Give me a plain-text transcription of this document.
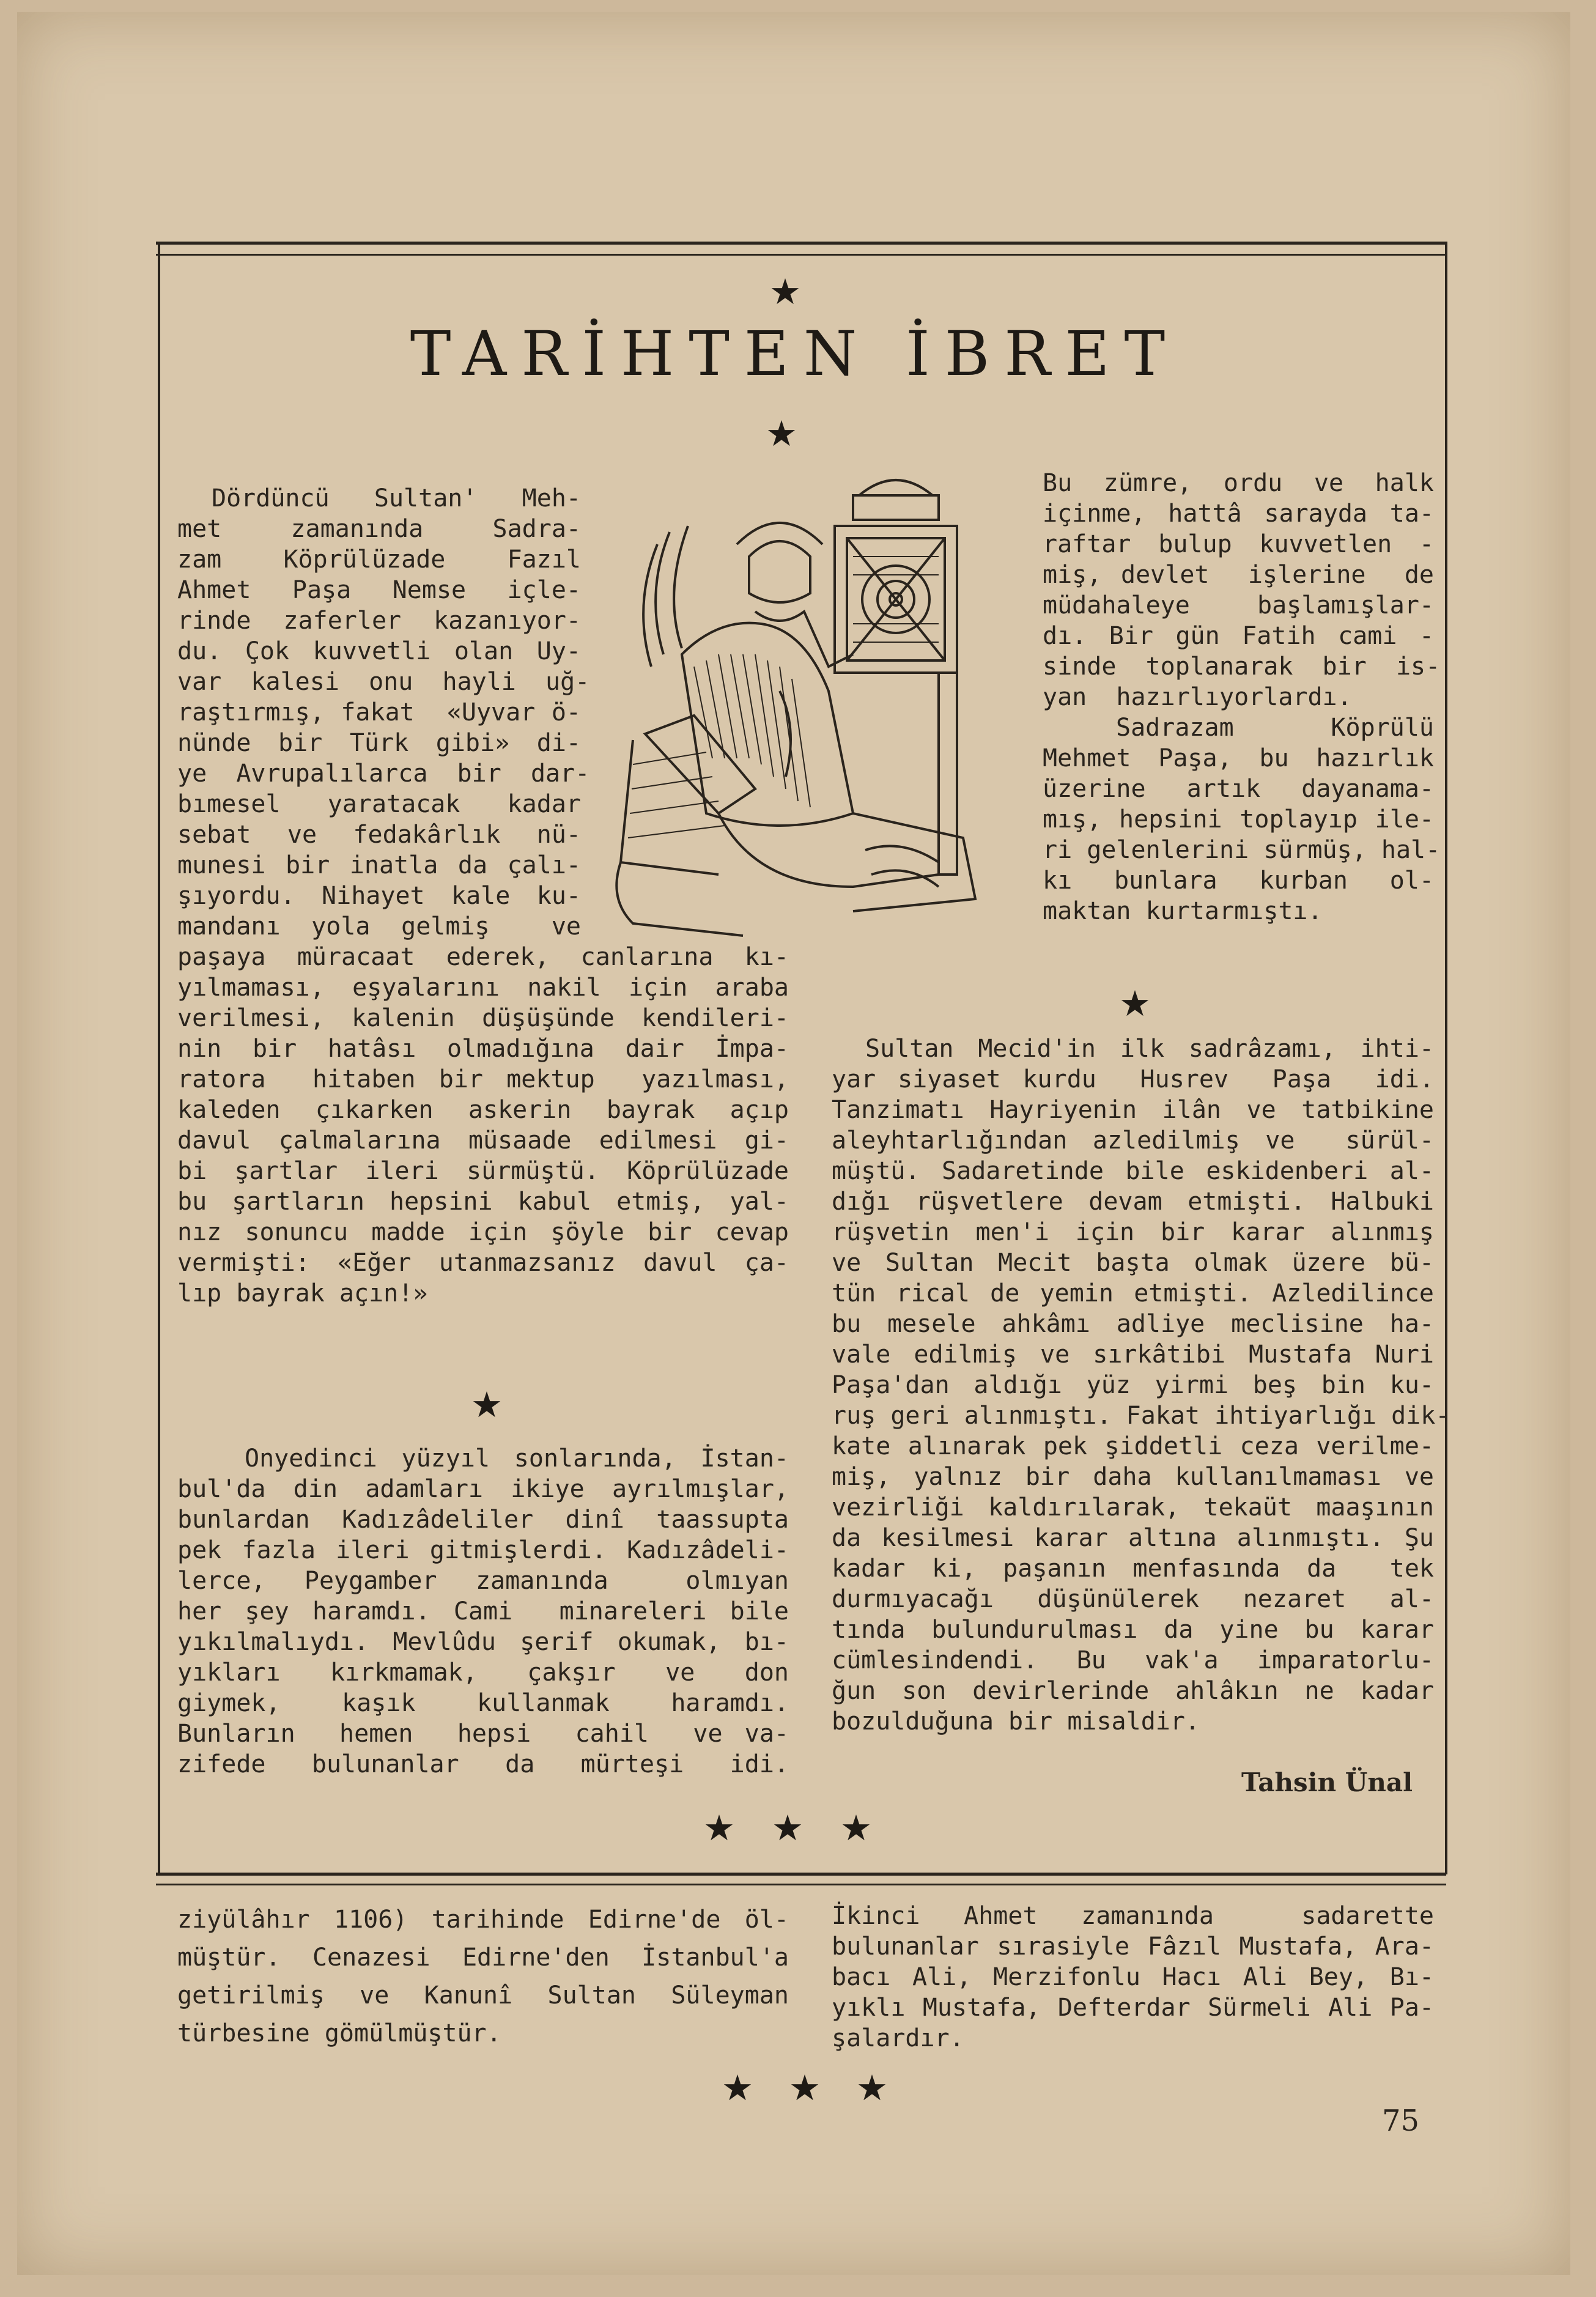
★
TARİHTEN İBRET
★
Dördüncü Sultan' Meh-
met  zamanında  Sadra-
zam  Köprülüzade  Fazıl
Ahmet Paşa Nemse içle-
rinde  zaferler  kazanıyor-
du. Çok kuvvetli olan Uy-
var  kalesi  onu  hayli  uğ-
raştırmış, fakat  «Uyvar ö-
nünde bir Türk gibi» di-
ye  Avrupalılarca  bir  dar-
bımesel  yaratacak  kadar
sebat  ve  fedakârlık  nü-
munesi bir inatla da çalı-
şıyordu. Nihayet kale ku-
mandanı yola gelmiş  ve
paşaya müracaat ederek, canlarına kı-
yılmaması, eşyalarını nakil için araba
verilmesi, kalenin düşüşünde kendileri-
nin bir hatâsı olmadığına dair İmpa-
ratora  hitaben bir mektup  yazılması,
kaleden çıkarken askerin bayrak açıp
davul çalmalarına müsaade edilmesi gi-
bi şartlar ileri sürmüştü. Köprülüzade
bu şartların hepsini kabul etmiş, yal-
nız sonuncu madde için şöyle bir cevap
vermişti: «Eğer utanmazsanız davul ça-
lıp bayrak açın!»
★
Onyedinci yüzyıl sonlarında, İstan-
bul'da din adamları ikiye ayrılmışlar,
bunlardan Kadızâdeliler dinî taassupta
pek fazla ileri gitmişlerdi. Kadızâdeli-
lerce, Peygamber zamanında  olmıyan
her şey haramdı. Cami  minareleri bile
yıkılmalıydı. Mevlûdu şerif okumak, bı-
yıkları  kırkmamak,  çakşır  ve  don
giymek,  kaşık  kullanmak  haramdı.
Bunların  hemen  hepsi  cahil  ve va-
zifede  bulunanlar  da  mürteşi  idi.
Bu zümre, ordu ve halk
içinme, hattâ sarayda ta-
raftar bulup kuvvetlen -
miş, devlet  işlerine  de
müdahaleye başlamışlar-
dı. Bir gün Fatih cami -
sinde  toplanarak  bir  is-
yan  hazırlıyorlardı.
Sadrazam  Köprülü
Mehmet Paşa, bu hazırlık
üzerine artık dayanama-
mış, hepsini toplayıp ile-
ri gelenlerini sürmüş, hal-
kı  bunlara  kurban  ol-
maktan kurtarmıştı.
★
Sultan Mecid'in ilk sadrâzamı, ihti-
yar siyaset kurdu  Husrev  Paşa  idi.
Tanzimatı Hayriyenin ilân ve tatbikine
aleyhtarlığından azledilmiş ve  sürül-
müştü. Sadaretinde bile eskidenberi al-
dığı rüşvetlere devam etmişti. Halbuki
rüşvetin men'i için bir karar alınmış
ve Sultan Mecit başta olmak üzere bü-
tün rical de yemin etmişti. Azledilince
bu mesele ahkâmı adliye meclisine ha-
vale edilmiş ve sırkâtibi Mustafa Nuri
Paşa'dan aldığı yüz yirmi beş bin ku-
ruş geri alınmıştı. Fakat ihtiyarlığı dik-
kate alınarak pek şiddetli ceza verilme-
miş, yalnız bir daha kullanılmaması ve
vezirliği kaldırılarak, tekaüt maaşının
da kesilmesi karar altına alınmıştı. Şu
kadar ki, paşanın menfasında da  tek
durmıyacağı düşünülerek nezaret al-
tında bulundurulması da yine bu karar
cümlesindendi. Bu vak'a imparatorlu-
ğun son devirlerinde ahlâkın ne kadar
bozulduğuna bir misaldir.
Tahsin Ünal
★ ★ ★
ziyülâhır 1106) tarihinde Edirne'de öl-
müştür. Cenazesi Edirne'den İstanbul'a
getirilmiş ve Kanunî Sultan Süleyman
türbesine gömülmüştür.
İkinci Ahmet zamanında  sadarette
bulunanlar sırasiyle Fâzıl Mustafa, Ara-
bacı Ali, Merzifonlu Hacı Ali Bey, Bı-
yıklı Mustafa, Defterdar Sürmeli Ali Pa-
şalardır.
★ ★ ★
75
